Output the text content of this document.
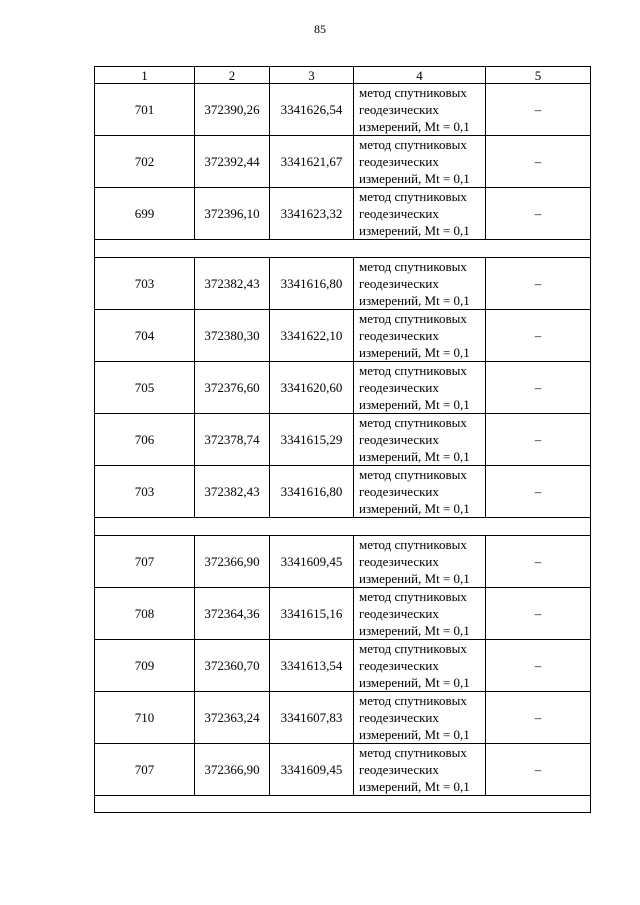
85
1	2	3	4	5
701	372390,26	3341626,54	метод спутниковых
геодезических
измерений, Mt = 0,1	–
702	372392,44	3341621,67	метод спутниковых
геодезических
измерений, Mt = 0,1	–
699	372396,10	3341623,32	метод спутниковых
геодезических
измерений, Mt = 0,1	–

703	372382,43	3341616,80	метод спутниковых
геодезических
измерений, Mt = 0,1	–
704	372380,30	3341622,10	метод спутниковых
геодезических
измерений, Mt = 0,1	–
705	372376,60	3341620,60	метод спутниковых
геодезических
измерений, Mt = 0,1	–
706	372378,74	3341615,29	метод спутниковых
геодезических
измерений, Mt = 0,1	–
703	372382,43	3341616,80	метод спутниковых
геодезических
измерений, Mt = 0,1	–

707	372366,90	3341609,45	метод спутниковых
геодезических
измерений, Mt = 0,1	–
708	372364,36	3341615,16	метод спутниковых
геодезических
измерений, Mt = 0,1	–
709	372360,70	3341613,54	метод спутниковых
геодезических
измерений, Mt = 0,1	–
710	372363,24	3341607,83	метод спутниковых
геодезических
измерений, Mt = 0,1	–
707	372366,90	3341609,45	метод спутниковых
геодезических
измерений, Mt = 0,1	–
